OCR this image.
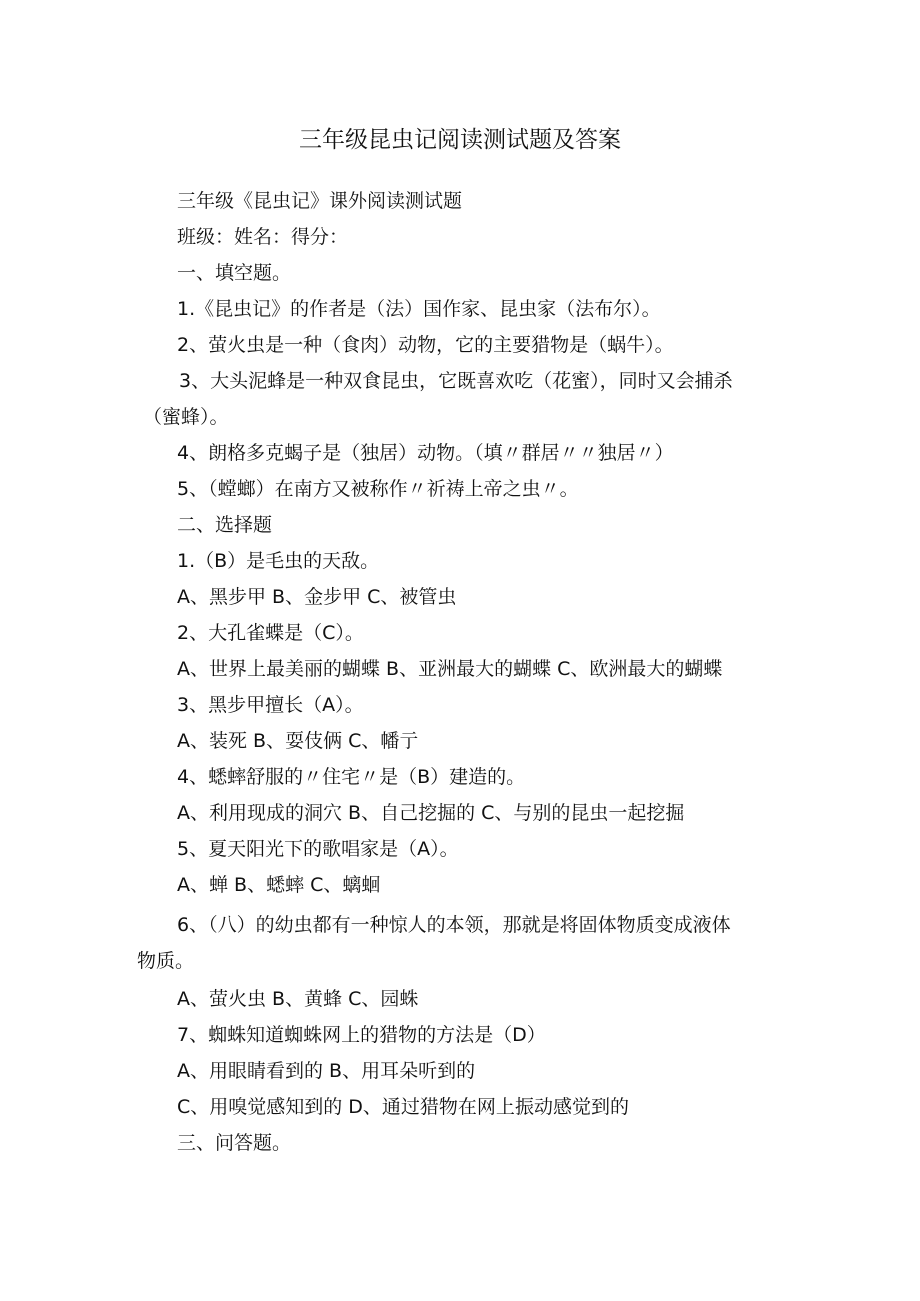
三年级昆虫记阅读测试题及答案
三年级《昆虫记》课外阅读测试题
班级：姓名：得分：
一、填空题。
1.《昆虫记》的作者是（法）国作家、昆虫家（法布尔）。
2、萤火虫是一种（食肉）动物，它的主要猎物是（蜗牛）。
3、大头泥蜂是一种双食昆虫，它既喜欢吃（花蜜），同时又会捕杀
（蜜蜂）。
4、朗格多克蝎子是（独居）动物。（填〃群居〃〃独居〃）
5、（螳螂）在南方又被称作〃祈祷上帝之虫〃。
二、选择题
1.（B）是毛虫的天敌。
A、黑步甲 B、金步甲 C、被管虫
2、大孔雀蝶是（C）。
A、世界上最美丽的蝴蝶 B、亚洲最大的蝴蝶 C、欧洲最大的蝴蝶
3、黑步甲擅长（A）。
A、装死 B、耍伎俩 C、幡亍
4、蟋蟀舒服的〃住宅〃是（B）建造的。
A、利用现成的洞穴 B、自己挖掘的 C、与别的昆虫一起挖掘
5、夏天阳光下的歌唱家是（A）。
A、蝉 B、蟋蟀 C、螭蛔
6、（八）的幼虫都有一种惊人的本领，那就是将固体物质变成液体
物质。
A、萤火虫 B、黄蜂 C、园蛛
7、蜘蛛知道蜘蛛网上的猎物的方法是（D）
A、用眼睛看到的 B、用耳朵听到的
C、用嗅觉感知到的 D、通过猎物在网上振动感觉到的
三、问答题。
